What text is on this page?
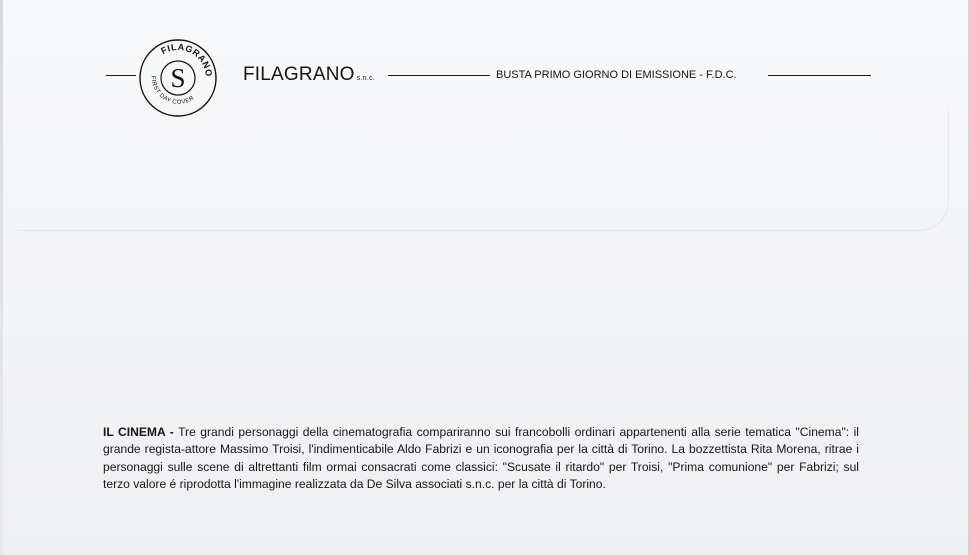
FILAGRANO
FIRST DAY COVER
S	FILAGRANO s.n.c.	BUSTA PRIMO GIORNO DI EMISSIONE - F.D.C.
IL CINEMA - Tre grandi personaggi della cinematografia compariranno sui francobolli ordinari appartenenti alla serie tematica "Cinema": il grande regista-attore Massimo Troisi, l'indimenticabile Aldo Fabrizi e un iconografia per la città di Torino. La bozzettista Rita Morena, ritrae i personaggi sulle scene di altrettanti film ormai consacrati come classici: "Scusate il ritardo" per Troisi, "Prima comunione" per Fabrizi; sul terzo valore é riprodotta l'immagine realizzata da De Silva associati s.n.c. per la città di Torino.
